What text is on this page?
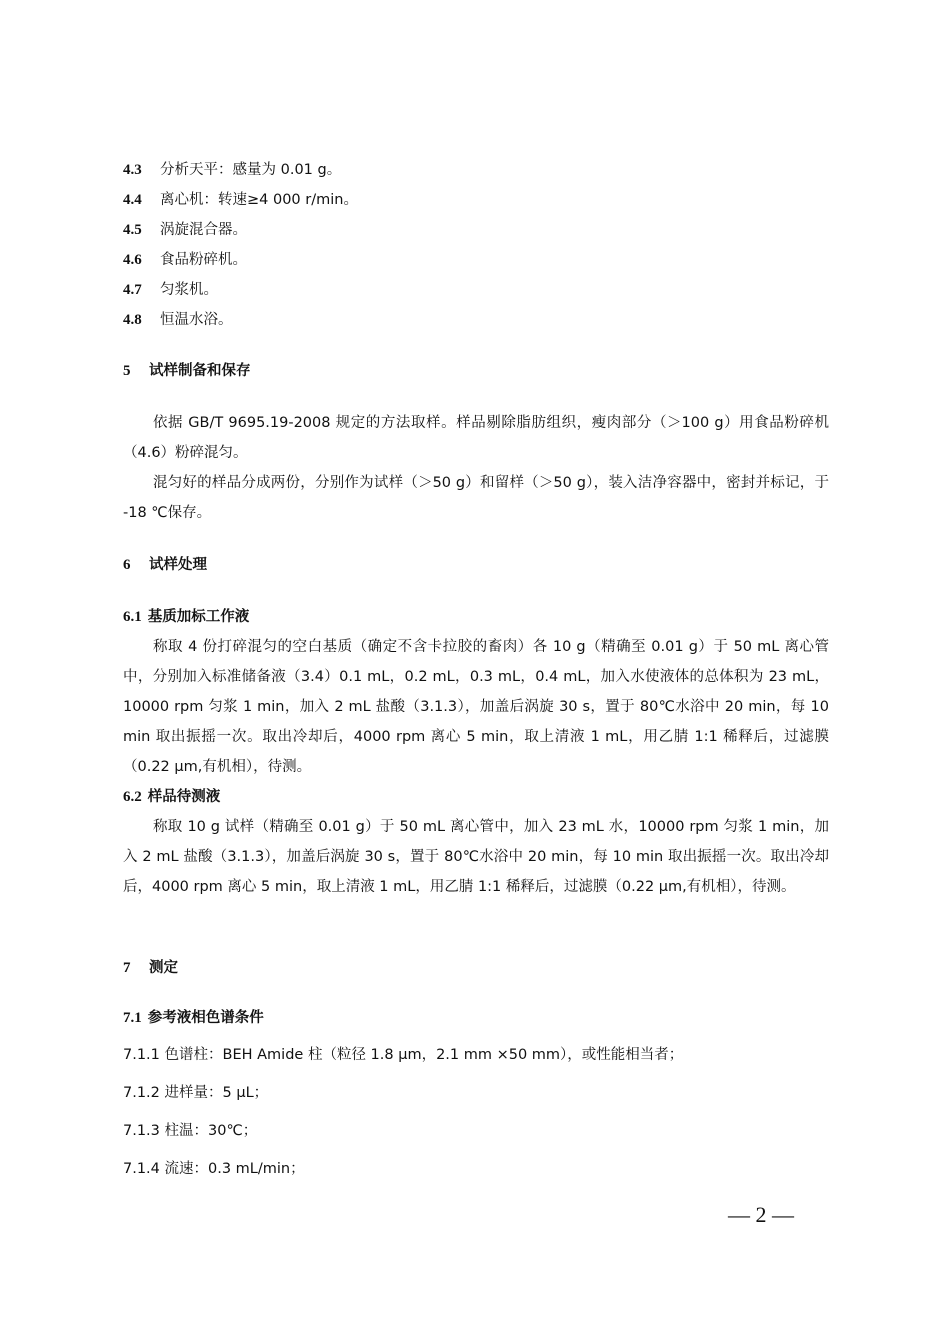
4.3 分析天平：感量为 0.01 g。
4.4 离心机：转速≥4 000 r/min。
4.5 涡旋混合器。
4.6 食品粉碎机。
4.7 匀浆机。
4.8 恒温水浴。
5 试样制备和保存

依据 GB/T 9695.19-2008 规定的方法取样。样品剔除脂肪组织，瘦肉部分（＞100 g）用食品粉碎机（4.6）粉碎混匀。

混匀好的样品分成两份，分别作为试样（＞50 g）和留样（＞50 g），装入洁净容器中，密封并标记，于 -18 ℃保存。

6 试样处理
6.1 基质加标工作液

称取 4 份打碎混匀的空白基质（确定不含卡拉胶的畜肉）各 10 g（精确至 0.01 g）于 50 mL 离心管中，分别加入标准储备液（3.4）0.1 mL，0.2 mL，0.3 mL，0.4 mL，加入水使液体的总体积为 23 mL，10000 rpm 匀浆 1 min，加入 2 mL 盐酸（3.1.3），加盖后涡旋 30 s，置于 80℃水浴中 20 min，每 10 min 取出振摇一次。取出冷却后，4000 rpm 离心 5 min，取上清液 1 mL，用乙腈 1:1 稀释后，过滤膜（0.22 μm,有机相），待测。

6.2 样品待测液

称取 10 g 试样（精确至 0.01 g）于 50 mL 离心管中，加入 23 mL 水，10000 rpm 匀浆 1 min，加入 2 mL 盐酸（3.1.3），加盖后涡旋 30 s，置于 80℃水浴中 20 min，每 10 min 取出振摇一次。取出冷却后，4000 rpm 离心 5 min，取上清液 1 mL，用乙腈 1:1 稀释后，过滤膜（0.22 μm,有机相），待测。

7 测定
7.1 参考液相色谱条件
7.1.1 色谱柱：BEH Amide 柱（粒径 1.8 μm，2.1 mm ×50 mm），或性能相当者；
7.1.2 进样量：5 μL；
7.1.3 柱温：30℃；
7.1.4 流速：0.3 mL/min；
— 2 —
